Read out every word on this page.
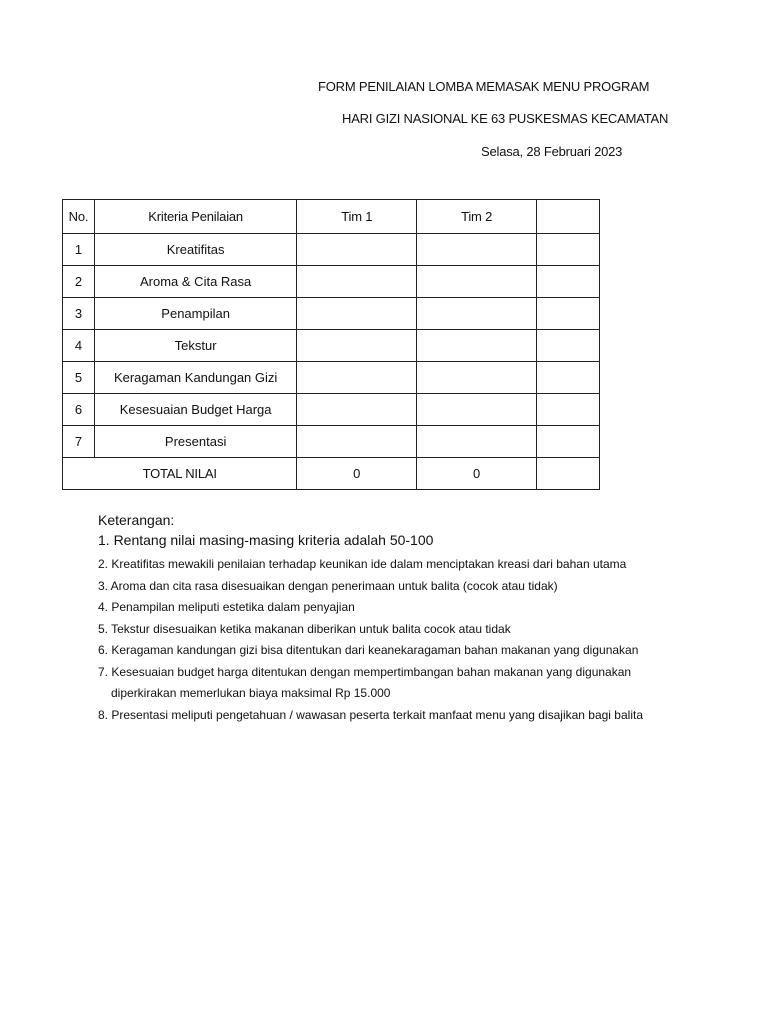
FORM PENILAIAN LOMBA MEMASAK MENU PROGRAM
HARI GIZI NASIONAL KE 63 PUSKESMAS KECAMATAN
Selasa, 28 Februari 2023
No.	Kriteria Penilaian	Tim 1	Tim 2	
1	Kreatifitas			
2	Aroma & Cita Rasa			
3	Penampilan			
4	Tekstur			
5	Keragaman Kandungan Gizi			
6	Kesesuaian Budget Harga			
7	Presentasi			
TOTAL NILAI		0	0	
Keterangan:
1. Rentang nilai masing-masing kriteria adalah 50-100
2. Kreatifitas mewakili penilaian terhadap keunikan ide dalam menciptakan kreasi dari bahan utama
3. Aroma dan cita rasa disesuaikan dengan penerimaan untuk balita (cocok atau tidak)
4. Penampilan meliputi estetika dalam penyajian
5. Tekstur disesuaikan ketika makanan diberikan untuk balita cocok atau tidak
6. Keragaman kandungan gizi bisa ditentukan dari keanekaragaman bahan makanan yang digunakan
7. Kesesuaian budget harga ditentukan dengan mempertimbangan bahan makanan yang digunakan
diperkirakan memerlukan biaya maksimal Rp 15.000
8. Presentasi meliputi pengetahuan / wawasan peserta terkait manfaat menu yang disajikan bagi balita
